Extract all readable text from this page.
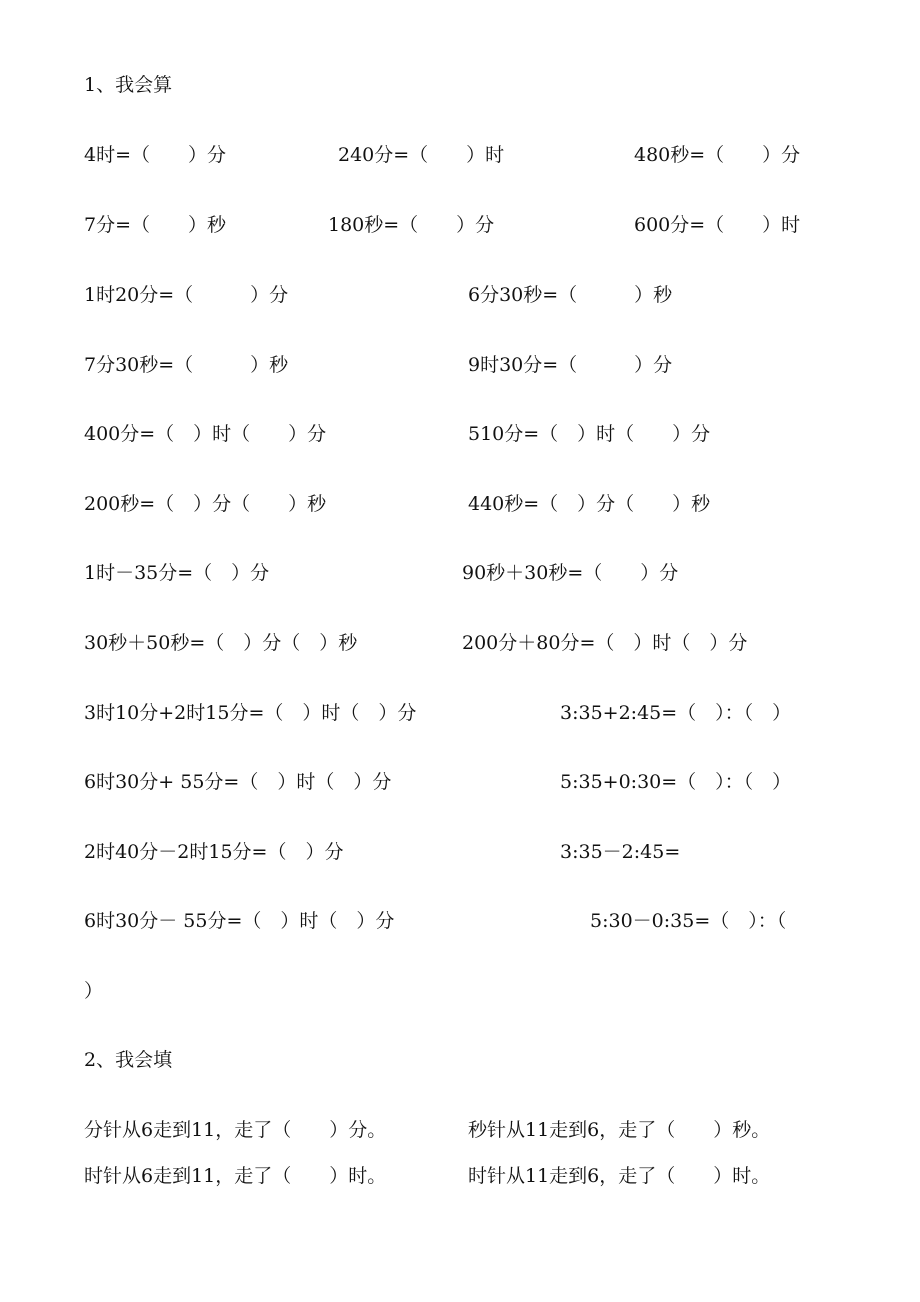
1、我会算
4时=（　　）分	240分=（　　）时	480秒=（　　）分
7分=（　　）秒	180秒=（　　）分	600分=（　　）时
1时20分=（　　　）分	6分30秒=（　　　）秒
7分30秒=（　　　）秒	9时30分=（　　　）分
400分=（　）时（　　）分	510分=（　）时（　　）分
200秒=（　）分（　　）秒	440秒=（　）分（　　）秒
1时－35分=（　）分	90秒＋30秒=（　　）分
30秒＋50秒=（　）分（　）秒	200分＋80分=（　）时（　）分
3时10分+2时15分=（　）时（　）分	3:35+2:45=（　）：（　）
6时30分+ 55分=（　）时（　）分	5:35+0:30=（　）：（　）
2时40分－2时15分=（　）分	3:35－2:45=
6时30分－ 55分=（　）时（　）分	5:30－0:35=（　）：（
）
2、我会填
分针从6走到11，走了（　　）分。	秒针从11走到6，走了（　　）秒。
时针从6走到11，走了（　　）时。	时针从11走到6，走了（　　）时。
